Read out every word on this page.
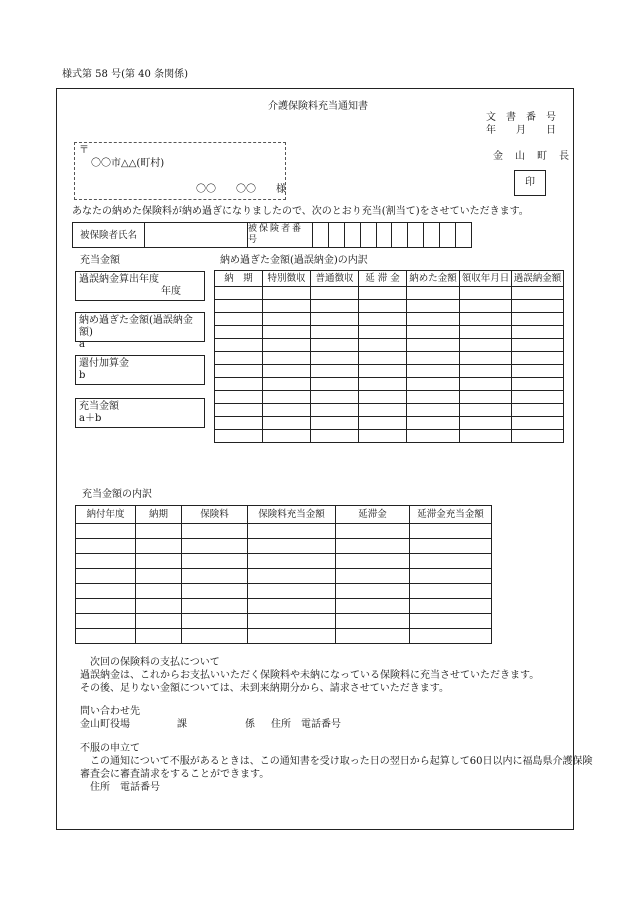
様式第 58 号(第 40 条関係)
介護保険料充当通知書
文　書　番　号
年　　月　　日
金　山　町　長
印
〒
〇〇市△△(町村)
〇〇　　〇〇　　様
あなたの納めた保険料が納め過ぎになりましたので、次のとおり充当(割当て)をさせていただきます。
被保険者氏名		被保険者番号										
充当金額	納め過ぎた金額(過誤納金)の内訳
過誤納金算出年度
年度
納め過ぎた金額(過誤納金額)
a
還付加算金
b
充当金額
a＋b
納　期	特別徴収	普通徴収	延 滞 金	納めた金額	領収年月日	過誤納金額

充当金額の内訳
納付年度	納期	保険料	保険料充当金額	延滞金	延滞金充当金額

次回の保険料の支払について
過誤納金は、これからお支払いいただく保険料や未納になっている保険料に充当させていただきます。
その後、足りない金額については、未到来納期分から、請求させていただきます。
問い合わせ先
金山町役場	課	係 住所　電話番号
不服の申立て
この通知について不服があるときは、この通知書を受け取った日の翌日から起算して60日以内に福島県介護保険
審査会に審査請求をすることができます。
住所　電話番号
